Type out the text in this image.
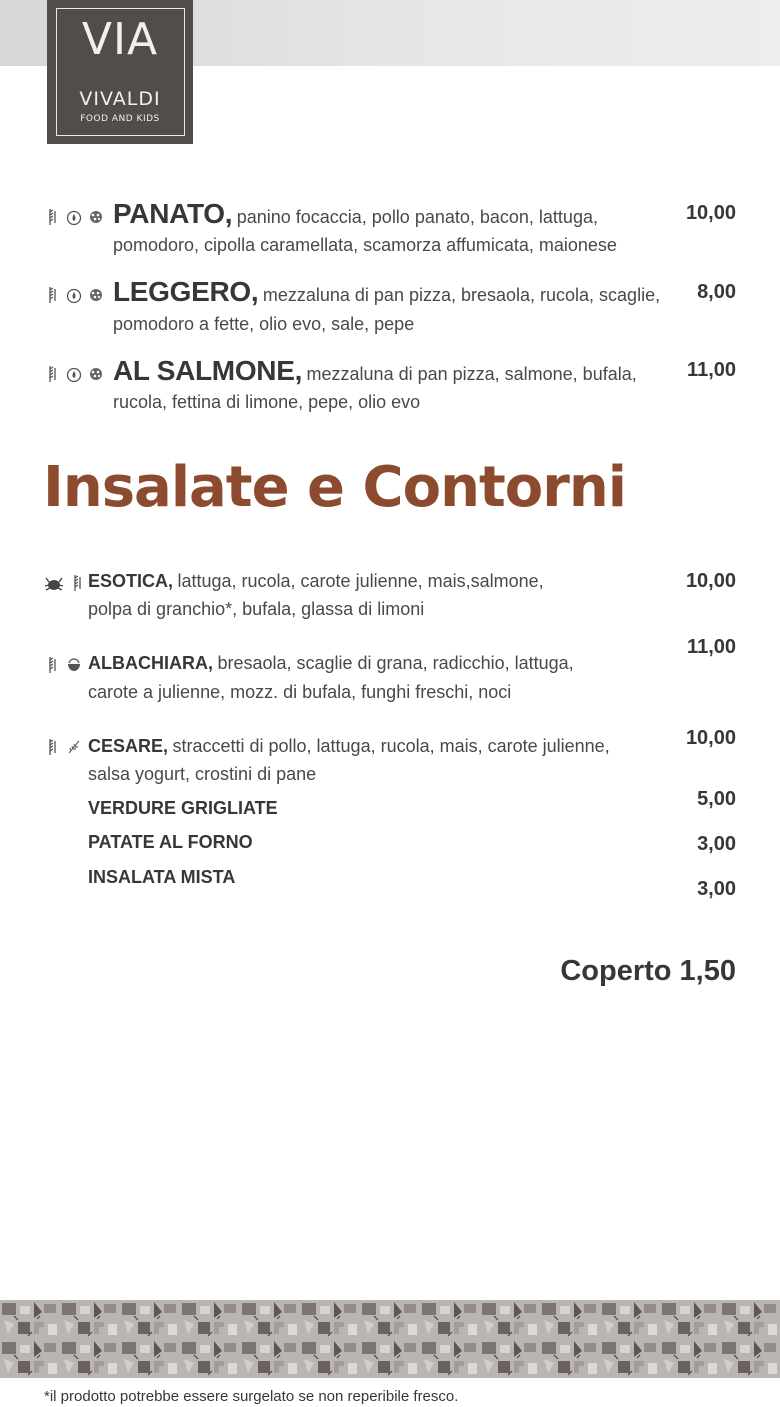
VIA
VIVALDI
FOOD AND KIDS
PANATO, panino focaccia, pollo panato, bacon, lattuga,
pomodoro, cipolla caramellata, scamorza affumicata, maionese
10,00
LEGGERO, mezzaluna di pan pizza, bresaola, rucola, scaglie,
pomodoro a fette, olio evo, sale, pepe
8,00
AL SALMONE, mezzaluna di pan pizza, salmone, bufala,
rucola, fettina di limone, pepe, olio evo
11,00
Insalate e Contorni
ESOTICA, lattuga, rucola, carote julienne, mais,salmone,
polpa di granchio*, bufala, glassa di limoni
10,00
ALBACHIARA, bresaola, scaglie di grana, radicchio, lattuga,
carote a julienne, mozz. di bufala, funghi freschi, noci
11,00
CESARE, straccetti di pollo, lattuga, rucola, mais, carote julienne,
salsa yogurt, crostini di pane
10,00
VERDURE GRIGLIATE	5,00
PATATE AL FORNO	3,00
INSALATA MISTA
3,00
Coperto 1,50
*il prodotto potrebbe essere surgelato se non reperibile fresco.
